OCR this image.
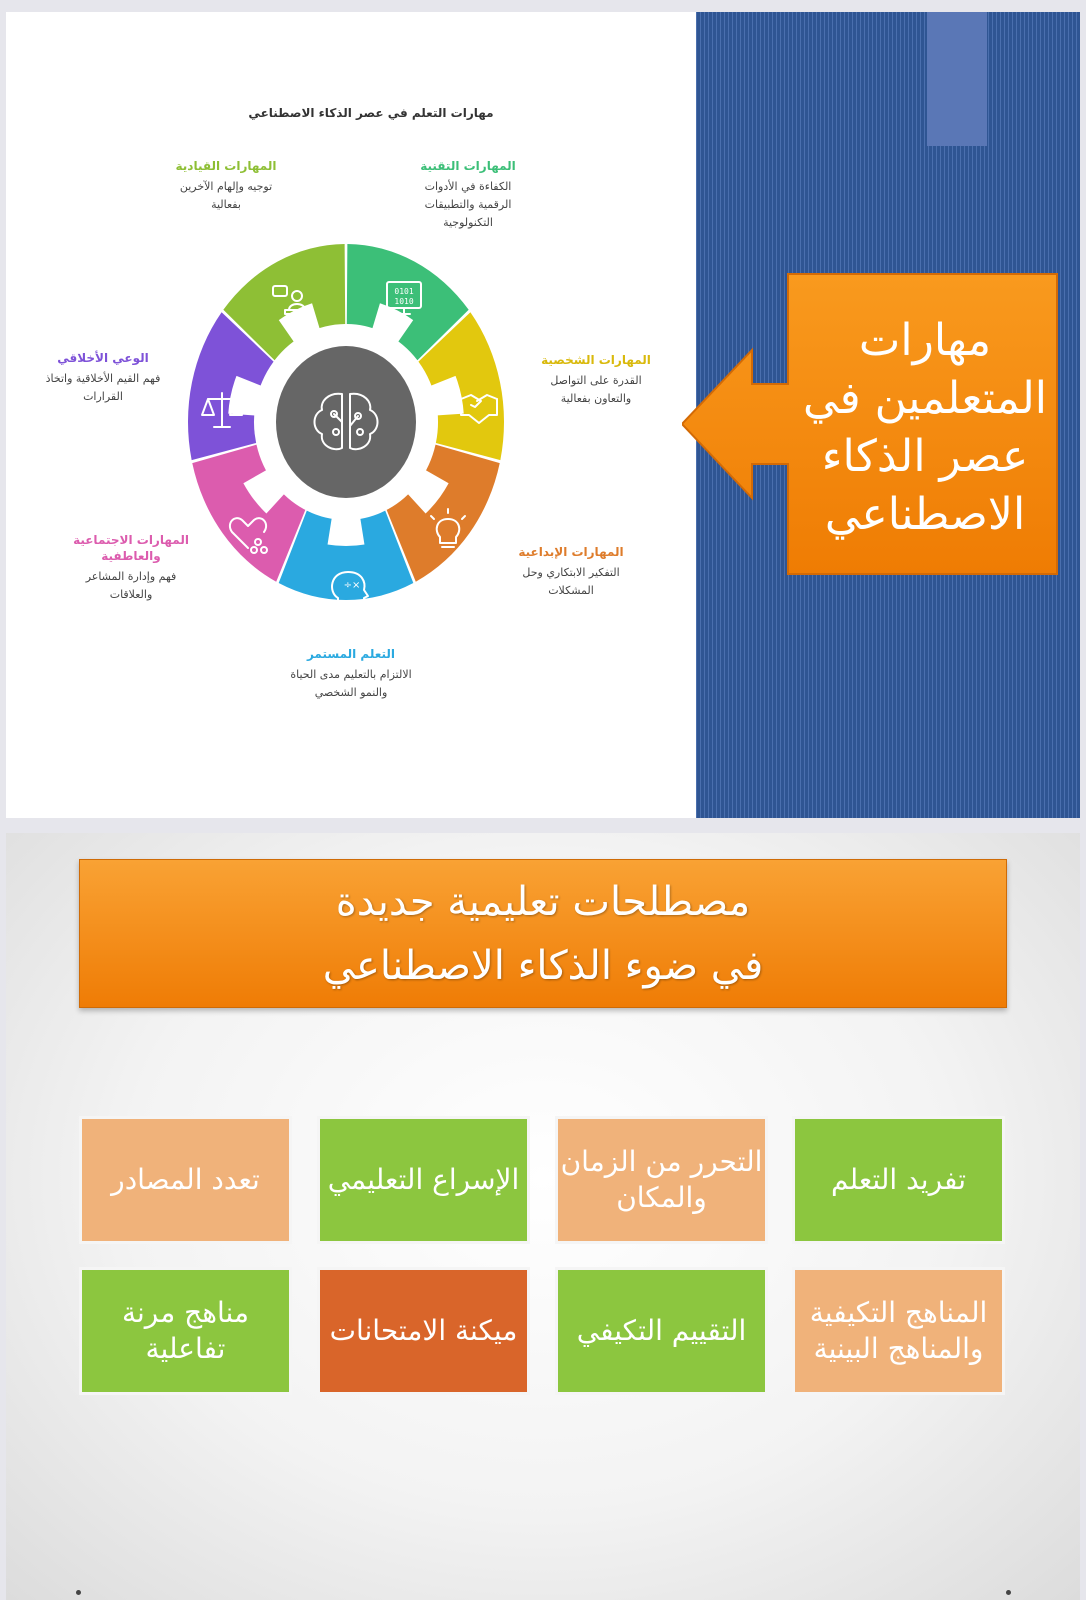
مهارات
المتعلمين في
عصر الذكاء
الاصطناعي
مهارات التعلم في عصر الذكاء الاصطناعي
0101
1010
÷×
المهارات التقنية
الكفاءة في الأدوات
الرقمية والتطبيقات
التكنولوجية
المهارات الشخصية
القدرة على التواصل
والتعاون بفعالية
المهارات الإبداعية
التفكير الابتكاري وحل
المشكلات
التعلم المستمر
الالتزام بالتعليم مدى الحياة
والنمو الشخصي
المهارات الاجتماعية
والعاطفية
فهم وإدارة المشاعر
والعلاقات
الوعي الأخلاقي
فهم القيم الأخلاقية واتخاذ
القرارات
المهارات القيادية
توجيه وإلهام الآخرين
بفعالية
مصطلحات تعليمية جديدة
في ضوء الذكاء الاصطناعي
تفريد التعلم
التحرر من الزمان والمكان
الإسراع التعليمي
تعدد المصادر
المناهج التكيفية والمناهج البينية
التقييم التكيفي
ميكنة الامتحانات
مناهج مرنة تفاعلية
